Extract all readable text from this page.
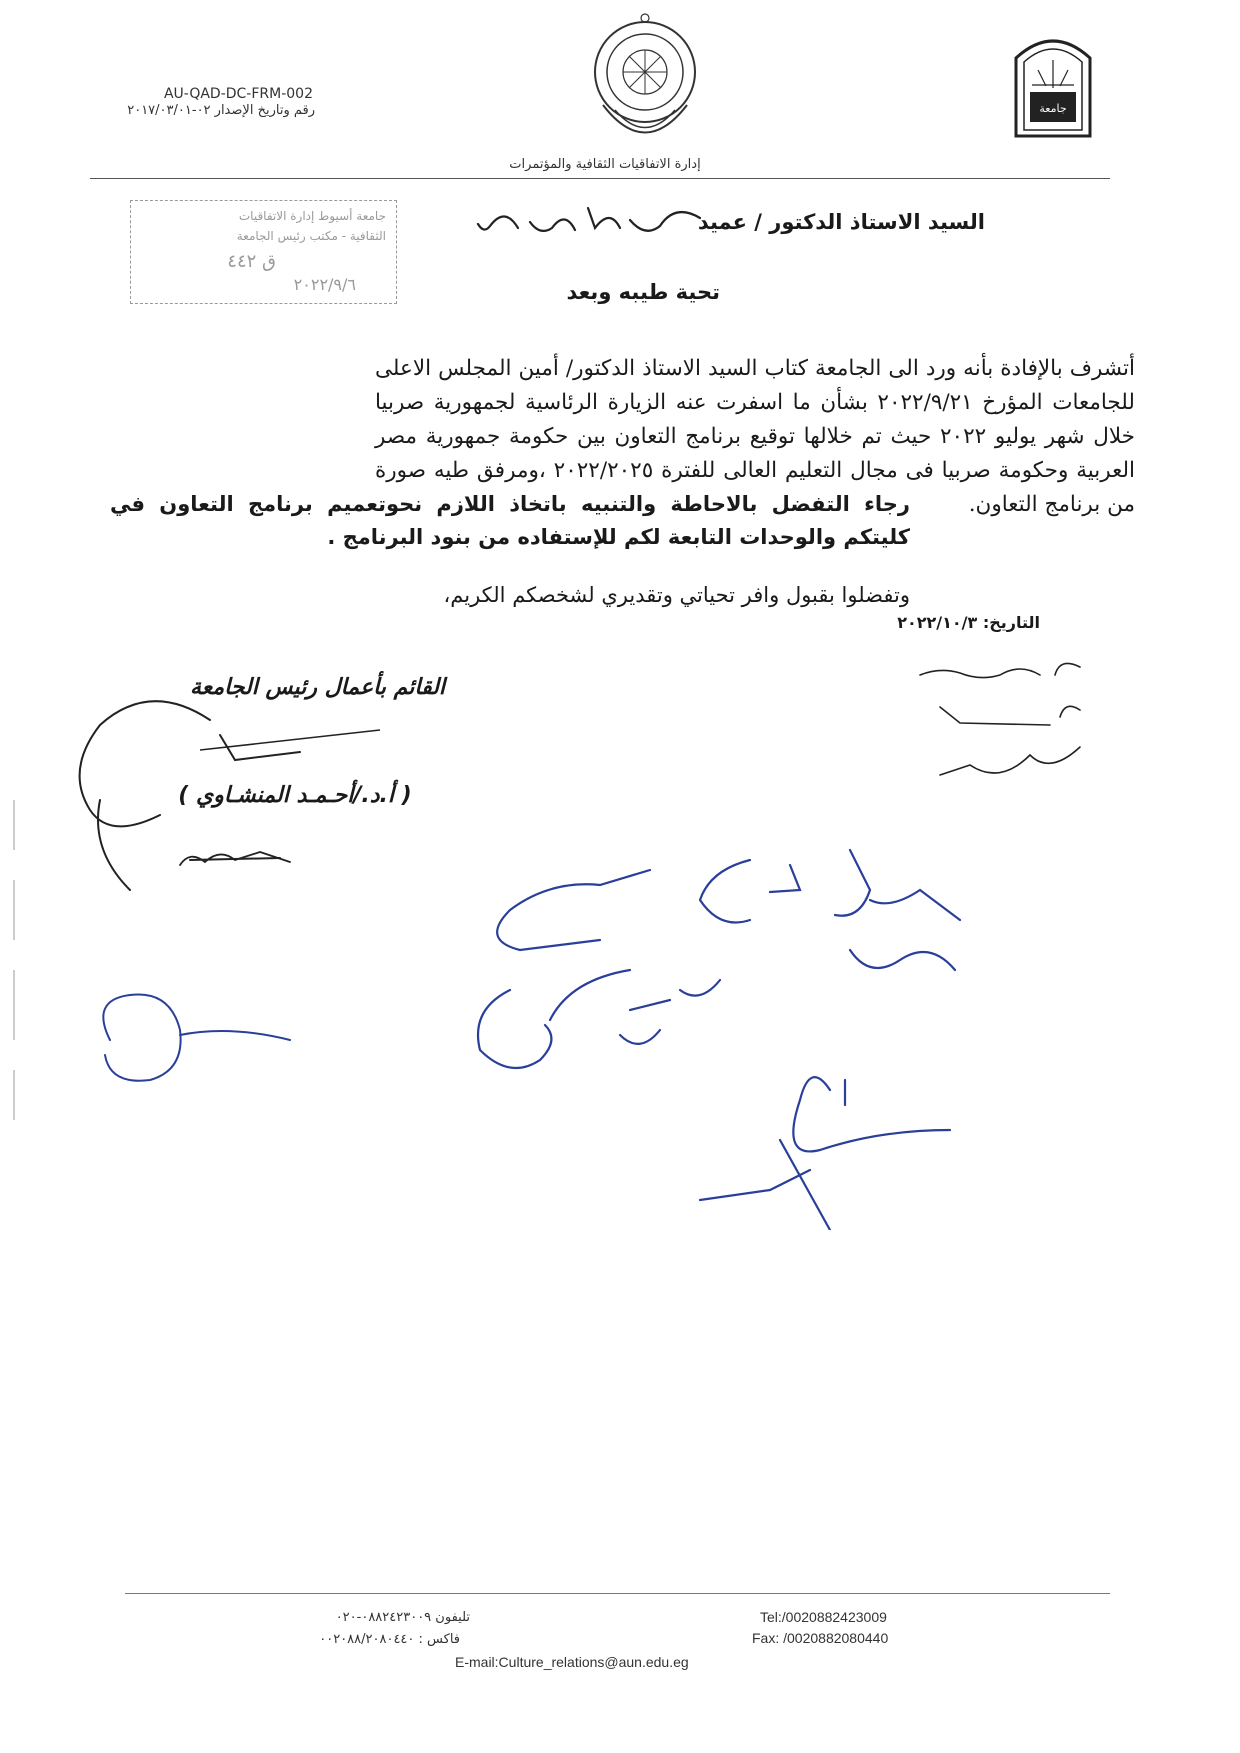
AU-QAD-DC-FRM-002
رقم وتاريخ الإصدار ٠٢-٢٠١٧/٠٣/٠١	جامعة
إدارة الاتفاقيات الثقافية والمؤتمرات
جامعة أسيوط إدارة الاتفاقيات
الثقافية - مكتب رئيس الجامعة
ق ٤٤٢
٢٠٢٢/٩/٦
السيد الاستاذ الدكتور / عميد
تحية طيبه وبعد
أتشرف بالإفادة بأنه ورد الى الجامعة كتاب السيد الاستاذ الدكتور/ أمين المجلس الاعلى للجامعات المؤرخ ٢٠٢٢/٩/٢١ بشأن ما اسفرت عنه الزيارة الرئاسية لجمهورية صربيا خلال شهر يوليو ٢٠٢٢ حيث تم خلالها توقيع برنامج التعاون بين حكومة جمهورية مصر العربية وحكومة صربيا فى مجال التعليم العالى للفترة ٢٠٢٢/٢٠٢٥ ،ومرفق طيه صورة من برنامج التعاون.
رجاء التفضل بالاحاطة والتنبيه باتخاذ اللازم نحوتعميم برنامج التعاون في كليتكم والوحدات التابعة لكم للإستفاده من بنود البرنامج .
وتفضلوا بقبول وافر تحياتي وتقديري لشخصكم الكريم،
التاريخ: ٢٠٢٢/١٠/٣
القائم بأعمال رئيس الجامعة
( أ.د./أحـمـد المنشـاوي )
تليفون ٠٨٨٢٤٢٣٠٠٩-٠٢٠
فاكس : ٠٠٢٠٨٨/٢٠٨٠٤٤٠
Tel:/0020882423009
Fax: /0020882080440
E-mail:Culture_relations@aun.edu.eg
